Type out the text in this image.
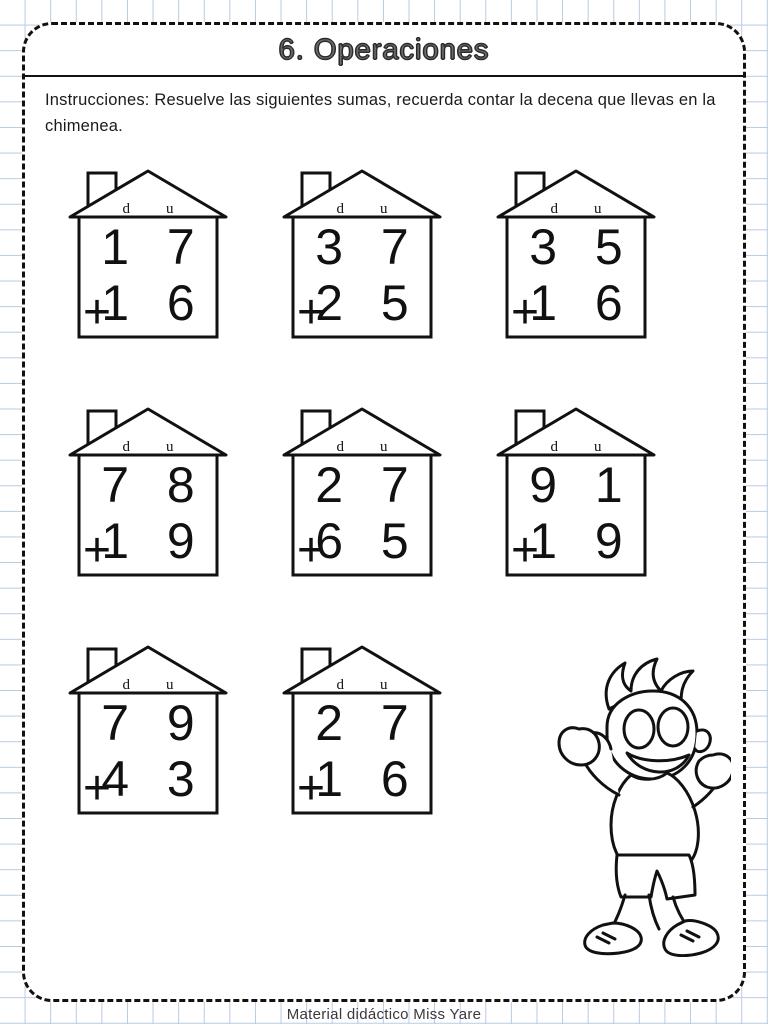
6. Operaciones
Instrucciones: Resuelve las siguientes sumas, recuerda contar la decena que llevas en la chimenea.
d u
1 7
+
1 6
d u
3 7
+
2 5
d u
3 5
+
1 6
d u
7 8
+
1 9
d u
2 7
+
6 5
d u
9 1
+
1 9
d u
7 9
+
4 3
d u
2 7
+
1 6
Material didáctico Miss Yare
